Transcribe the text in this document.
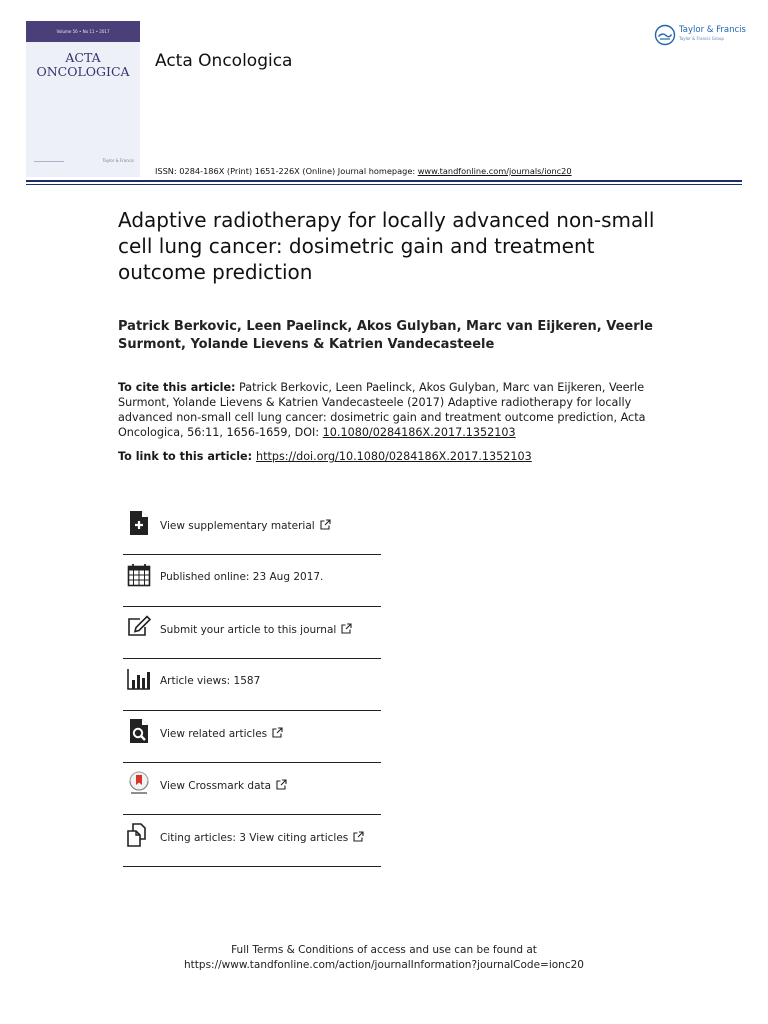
Volume 56 • No 11 • 2017
ACTA
ONCOLOGICA
Taylor & Francis
Acta Oncologica
Taylor & Francis
Taylor & Francis Group
ISSN: 0284-186X (Print) 1651-226X (Online) Journal homepage: www.tandfonline.com/journals/ionc20
Adaptive radiotherapy for locally advanced non-small cell lung cancer: dosimetric gain and treatment outcome prediction
Patrick Berkovic, Leen Paelinck, Akos Gulyban, Marc van Eijkeren, Veerle Surmont, Yolande Lievens & Katrien Vandecasteele
To cite this article: Patrick Berkovic, Leen Paelinck, Akos Gulyban, Marc van Eijkeren, Veerle Surmont, Yolande Lievens & Katrien Vandecasteele (2017) Adaptive radiotherapy for locally advanced non-small cell lung cancer: dosimetric gain and treatment outcome prediction, Acta Oncologica, 56:11, 1656-1659, DOI: 10.1080/0284186X.2017.1352103
To link to this article: https://doi.org/10.1080/0284186X.2017.1352103
View supplementary material
Published online: 23 Aug 2017.
Submit your article to this journal
Article views: 1587
View related articles
View Crossmark data
Citing articles: 3 View citing articles
Full Terms & Conditions of access and use can be found at
https://www.tandfonline.com/action/journalInformation?journalCode=ionc20
